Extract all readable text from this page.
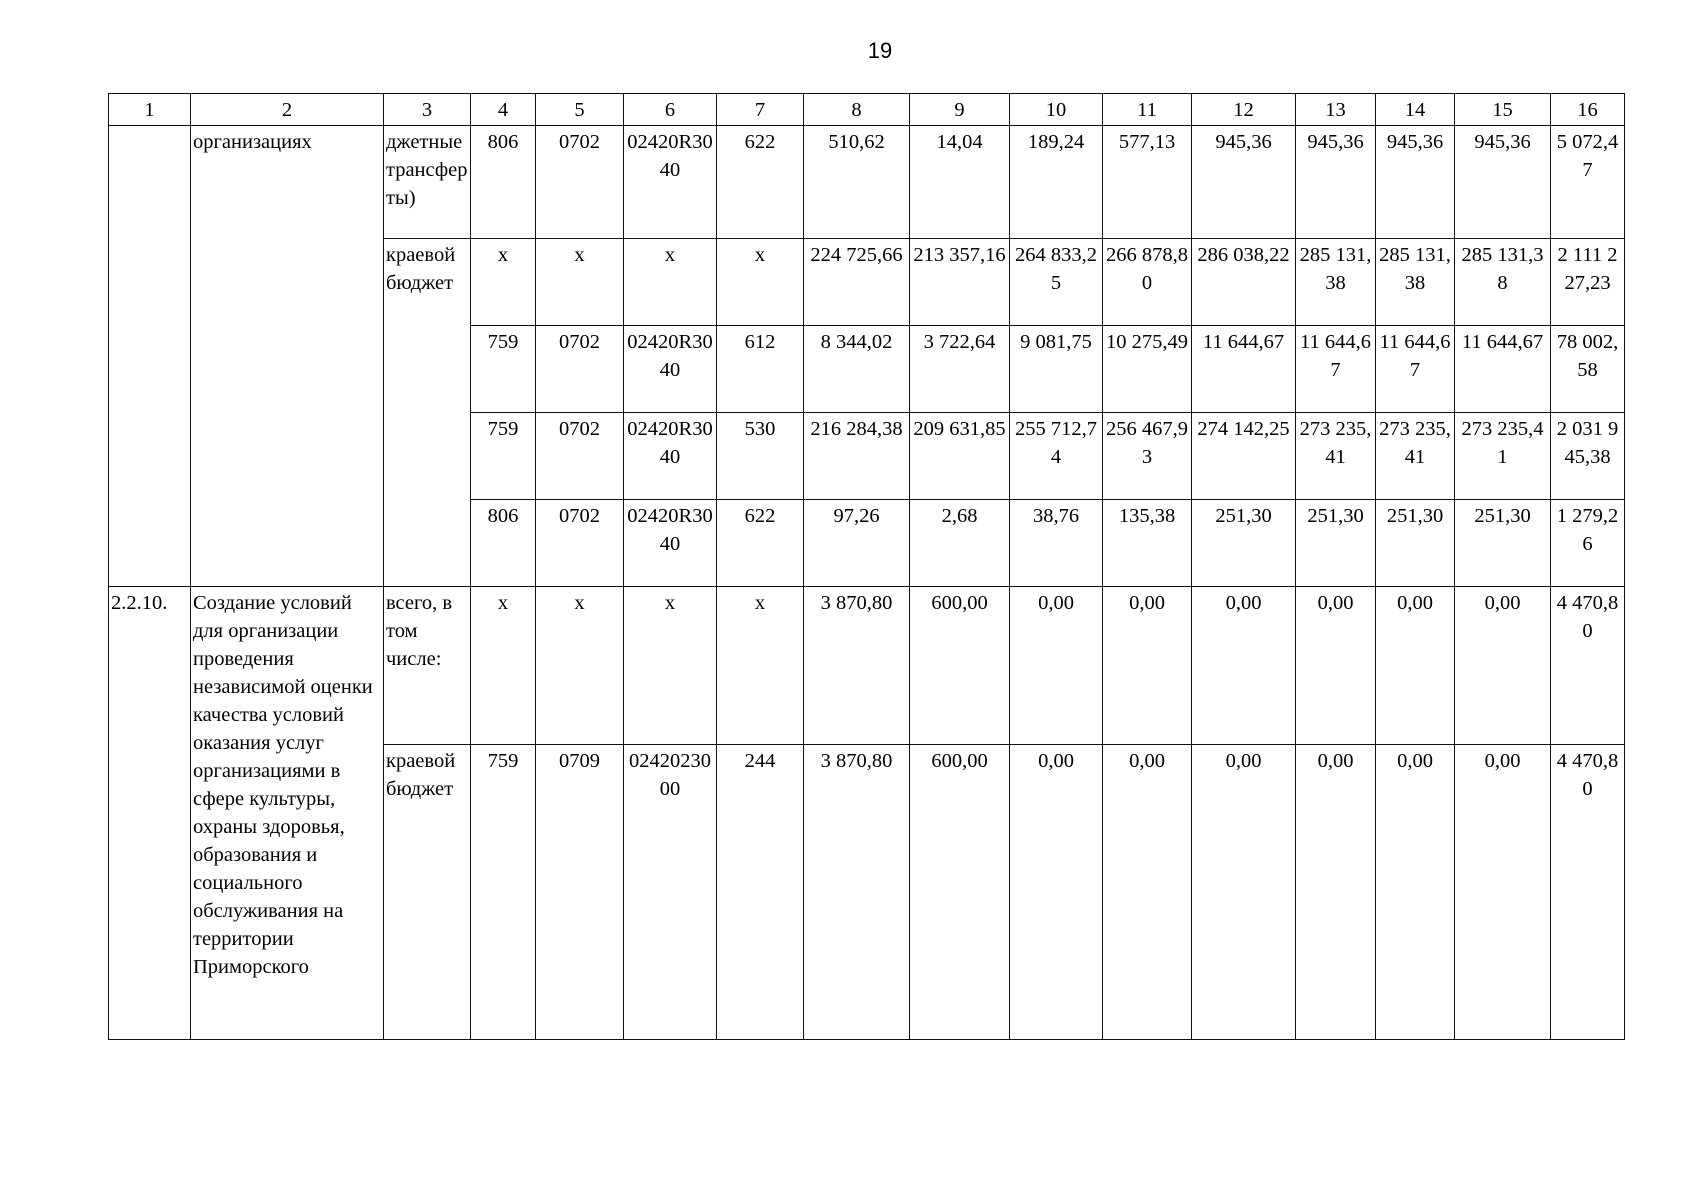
19
1	2	3	4	5	6	7	8	9	10	11	12	13	14	15	16
	организациях	джетные трансферты)	806	0702	02420R3040	622	510,62	14,04	189,24	577,13	945,36	945,36	945,36	945,36	5 072,47
		краевой бюджет	x	x	x	x	224 725,66	213 357,16	264 833,25	266 878,80	286 038,22	285 131,38	285 131,38	285 131,38	2 111 227,23
			759	0702	02420R3040	612	8 344,02	3 722,64	9 081,75	10 275,49	11 644,67	11 644,67	11 644,67	11 644,67	78 002,58
			759	0702	02420R3040	530	216 284,38	209 631,85	255 712,74	256 467,93	274 142,25	273 235,41	273 235,41	273 235,41	2 031 945,38
			806	0702	02420R3040	622	97,26	2,68	38,76	135,38	251,30	251,30	251,30	251,30	1 279,26
2.2.10.	Создание условий для организации проведения независимой оценки качества условий оказания услуг организациями в сфере культуры, охраны здоровья, образования и социального обслуживания на территории Приморского	всего, в том числе:	x	x	x	x	3 870,80	600,00	0,00	0,00	0,00	0,00	0,00	0,00	4 470,80
		краевой бюджет	759	0709	0242023000	244	3 870,80	600,00	0,00	0,00	0,00	0,00	0,00	0,00	4 470,80
